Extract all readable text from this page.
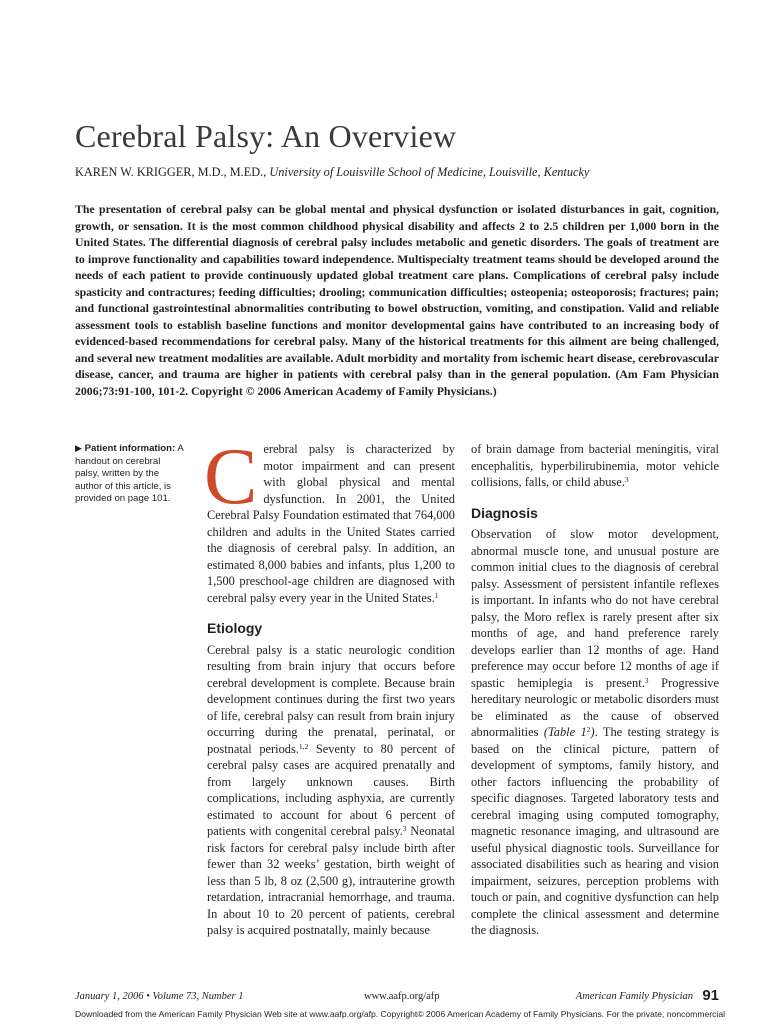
Cerebral Palsy: An Overview
KAREN W. KRIGGER, M.D., M.ED., University of Louisville School of Medicine, Louisville, Kentucky

The presentation of cerebral palsy can be global mental and physical dysfunction or isolated disturbances in gait, cognition, growth, or sensation. It is the most common childhood physical disability and affects 2 to 2.5 children per 1,000 born in the United States. The differential diagnosis of cerebral palsy includes metabolic and genetic disorders. The goals of treatment are to improve functionality and capabilities toward independence. Multispecialty treatment teams should be developed around the needs of each patient to provide continuously updated global treatment care plans. Complications of cerebral palsy include spasticity and contractures; feeding difficulties; drooling; communication difficulties; osteopenia; osteoporosis; fractures; pain; and functional gastrointestinal abnormalities contributing to bowel obstruction, vomiting, and constipation. Valid and reliable assessment tools to establish baseline functions and monitor developmental gains have contributed to an increasing body of evidenced-based recommendations for cerebral palsy. Many of the historical treatments for this ailment are being challenged, and several new treatment modalities are available. Adult morbidity and mortality from ischemic heart disease, cerebrovascular disease, cancer, and trauma are higher in patients with cerebral palsy than in the general population. (Am Fam Physician 2006;73:91-100, 101-2. Copyright © 2006 American Academy of Family Physicians.)

▶ Patient information: A handout on cerebral palsy, written by the author of this article, is provided on page 101. Cerebral palsy is characterized by motor impairment and can present with global physical and mental dysfunction. In 2001, the United Cerebral Palsy Foundation estimated that 764,000 children and adults in the United States carried the diagnosis of cerebral palsy. In addition, an estimated 8,000 babies and infants, plus 1,200 to 1,500 preschool-age children are diagnosed with cerebral palsy every year in the United States.$^1$

Etiology

Cerebral palsy is a static neurologic condition resulting from brain injury that occurs before cerebral development is complete. Because brain development continues during the first two years of life, cerebral palsy can result from brain injury occurring during the prenatal, perinatal, or postnatal periods.$^{1,2}$ Seventy to 80 percent of cerebral palsy cases are acquired prenatally and from largely unknown causes. Birth complications, including asphyxia, are currently estimated to account for about 6 percent of patients with congenital cerebral palsy.$^3$ Neonatal risk factors for cerebral palsy include birth after fewer than 32 weeks’ gestation, birth weight of less than 5 lb, 8 oz (2,500 g), intrauterine growth retardation, intracranial hemorrhage, and trauma. In about 10 to 20 percent of patients, cerebral palsy is acquired postnatally, mainly because

of brain damage from bacterial meningitis, viral encephalitis, hyperbilirubinemia, motor vehicle collisions, falls, or child abuse.$^3$

Diagnosis

Observation of slow motor development, abnormal muscle tone, and unusual posture are common initial clues to the diagnosis of cerebral palsy. Assessment of persistent infantile reflexes is important. In infants who do not have cerebral palsy, the Moro reflex is rarely present after six months of age, and hand preference rarely develops earlier than 12 months of age. Hand preference may occur before 12 months of age if spastic hemiplegia is present.$^3$ Progressive hereditary neurologic or metabolic disorders must be eliminated as the cause of observed abnormalities (Table $1^2$). The testing strategy is based on the clinical picture, pattern of development of symptoms, family history, and other factors influencing the probability of specific diagnoses. Targeted laboratory tests and cerebral imaging using computed tomography, magnetic resonance imaging, and ultrasound are useful physical diagnostic tools. Surveillance for associated disabilities such as hearing and vision impairment, seizures, perception problems with touch or pain, and cognitive dysfunction can help complete the clinical assessment and determine the diagnosis.

January 1, 2006 • Volume 73, Number 1	www.aafp.org/afp	American Family Physician 91
Downloaded from the American Family Physician Web site at www.aafp.org/afp. Copyright© 2006 American Academy of Family Physicians. For the private, noncommercial
